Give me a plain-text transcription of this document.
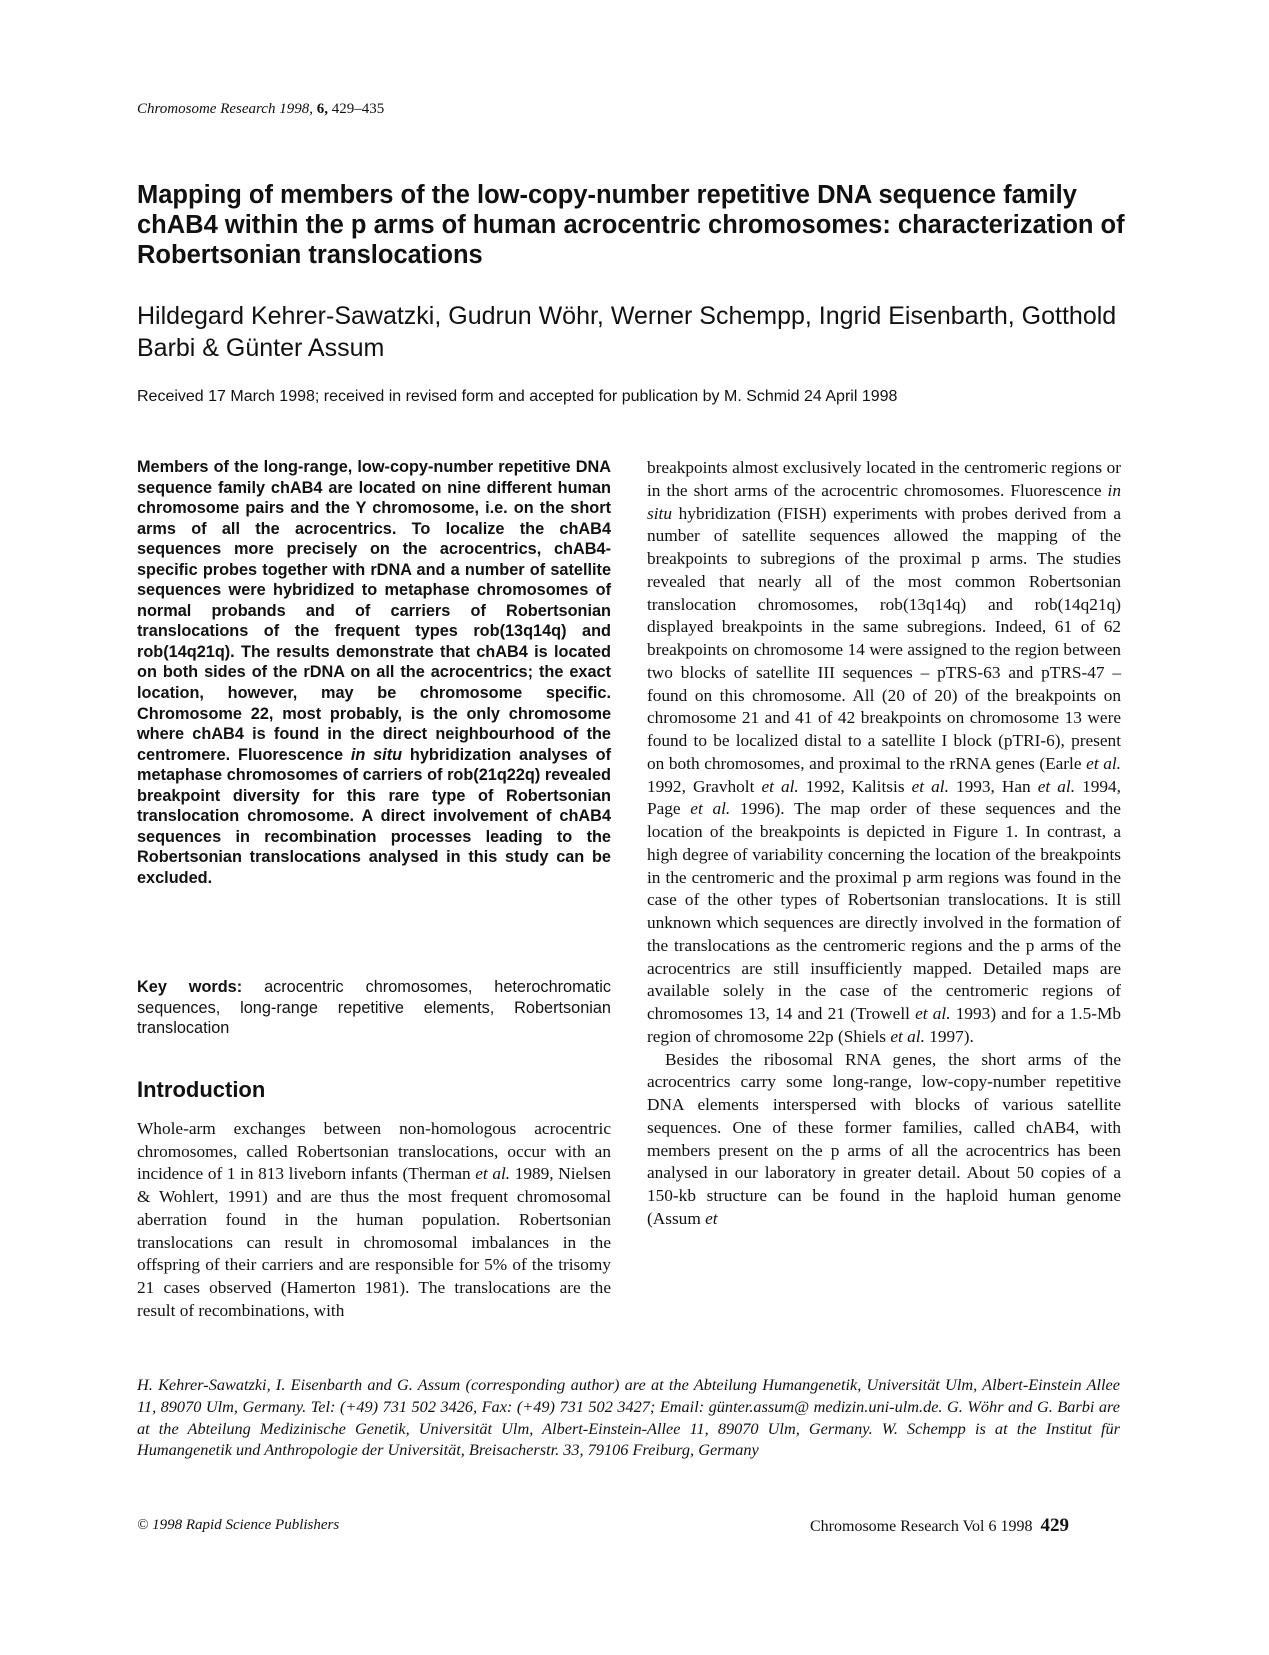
Chromosome Research 1998, 6, 429–435
Mapping of members of the low-copy-number repetitive DNA sequence family chAB4 within the p arms of human acrocentric chromosomes: characterization of Robertsonian translocations
Hildegard Kehrer-Sawatzki, Gudrun Wöhr, Werner Schempp, Ingrid Eisenbarth, Gotthold Barbi & Günter Assum
Received 17 March 1998; received in revised form and accepted for publication by M. Schmid 24 April 1998

Members of the long-range, low-copy-number repetitive DNA sequence family chAB4 are located on nine different human chromosome pairs and the Y chromosome, i.e. on the short arms of all the acrocentrics. To localize the chAB4 sequences more precisely on the acrocentrics, chAB4-specific probes together with rDNA and a number of satellite sequences were hybridized to metaphase chromosomes of normal probands and of carriers of Robertsonian translocations of the frequent types rob(13q14q) and rob(14q21q). The results demonstrate that chAB4 is located on both sides of the rDNA on all the acrocentrics; the exact location, however, may be chromosome specific. Chromosome 22, most probably, is the only chromosome where chAB4 is found in the direct neighbourhood of the centromere. Fluorescence in situ hybridization analyses of metaphase chromosomes of carriers of rob(21q22q) revealed breakpoint diversity for this rare type of Robertsonian translocation chromosome. A direct involvement of chAB4 sequences in recombination processes leading to the Robertsonian translocations analysed in this study can be excluded.

Key words: acrocentric chromosomes, heterochromatic sequences, long-range repetitive elements, Robertsonian translocation
Introduction

Whole-arm exchanges between non-homologous acrocentric chromosomes, called Robertsonian translocations, occur with an incidence of 1 in 813 liveborn infants (Therman et al. 1989, Nielsen & Wohlert, 1991) and are thus the most frequent chromosomal aberration found in the human population. Robertsonian translocations can result in chromosomal imbalances in the offspring of their carriers and are responsible for 5% of the trisomy 21 cases observed (Hamerton 1981). The translocations are the result of recombinations, with

breakpoints almost exclusively located in the centromeric regions or in the short arms of the acrocentric chromosomes. Fluorescence in situ hybridization (FISH) experiments with probes derived from a number of satellite sequences allowed the mapping of the breakpoints to subregions of the proximal p arms. The studies revealed that nearly all of the most common Robertsonian translocation chromosomes, rob(13q14q) and rob(14q21q) displayed breakpoints in the same subregions. Indeed, 61 of 62 breakpoints on chromosome 14 were assigned to the region between two blocks of satellite III sequences – pTRS-63 and pTRS-47 – found on this chromosome. All (20 of 20) of the breakpoints on chromosome 21 and 41 of 42 breakpoints on chromosome 13 were found to be localized distal to a satellite I block (pTRI-6), present on both chromosomes, and proximal to the rRNA genes (Earle et al. 1992, Gravholt et al. 1992, Kalitsis et al. 1993, Han et al. 1994, Page et al. 1996). The map order of these sequences and the location of the breakpoints is depicted in Figure 1. In contrast, a high degree of variability concerning the location of the breakpoints in the centromeric and the proximal p arm regions was found in the case of the other types of Robertsonian translocations. It is still unknown which sequences are directly involved in the formation of the translocations as the centromeric regions and the p arms of the acrocentrics are still insufficiently mapped. Detailed maps are available solely in the case of the centromeric regions of chromosomes 13, 14 and 21 (Trowell et al. 1993) and for a 1.5-Mb region of chromosome 22p (Shiels et al. 1997).

Besides the ribosomal RNA genes, the short arms of the acrocentrics carry some long-range, low-copy-number repetitive DNA elements interspersed with blocks of various satellite sequences. One of these former families, called chAB4, with members present on the p arms of all the acrocentrics has been analysed in our laboratory in greater detail. About 50 copies of a 150-kb structure can be found in the haploid human genome (Assum et

H. Kehrer-Sawatzki, I. Eisenbarth and G. Assum (corresponding author) are at the Abteilung Humangenetik, Universität Ulm, Albert-Einstein Allee 11, 89070 Ulm, Germany. Tel: (+49) 731 502 3426, Fax: (+49) 731 502 3427; Email: günter.assum@ medizin.uni-ulm.de. G. Wöhr and G. Barbi are at the Abteilung Medizinische Genetik, Universität Ulm, Albert-Einstein-Allee 11, 89070 Ulm, Germany. W. Schempp is at the Institut für Humangenetik und Anthropologie der Universität, Breisacherstr. 33, 79106 Freiburg, Germany
© 1998 Rapid Science Publishers	Chromosome Research Vol 6 1998 429
